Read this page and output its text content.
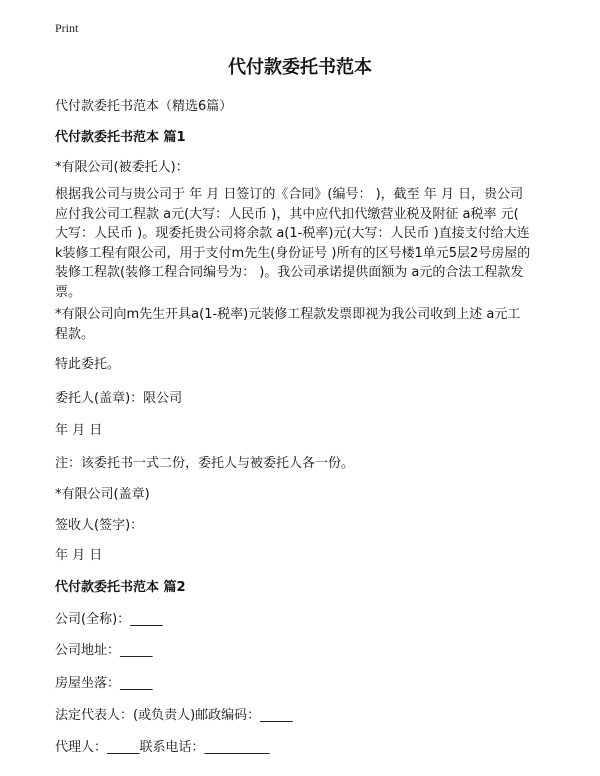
Print
代付款委托书范本
代付款委托书范本（精选6篇）
代付款委托书范本 篇1
*有限公司(被委托人)：
根据我公司与贵公司于 年 月 日签订的《合同》(编号： )，截至 年 月 日，贵公司
应付我公司工程款 a元(大写：人民币 )，其中应代扣代缴营业税及附征 a税率 元(
大写：人民币 )。现委托贵公司将余款 a(1-税率)元(大写：人民币 )直接支付给大连
k装修工程有限公司，用于支付m先生(身份证号 )所有的区号楼1单元5层2号房屋的
装修工程款(装修工程合同编号为： )。我公司承诺提供面额为 a元的合法工程款发
票。
*有限公司向m先生开具a(1-税率)元装修工程款发票即视为我公司收到上述 a元工
程款。
特此委托。
委托人(盖章)：限公司
年 月 日
注：该委托书一式二份，委托人与被委托人各一份。
*有限公司(盖章)
签收人(签字)：
年 月 日
代付款委托书范本 篇2
公司(全称)：_____
公司地址：_____
房屋坐落：_____
法定代表人：(或负责人)邮政编码：_____
代理人：_____联系电话：__________
